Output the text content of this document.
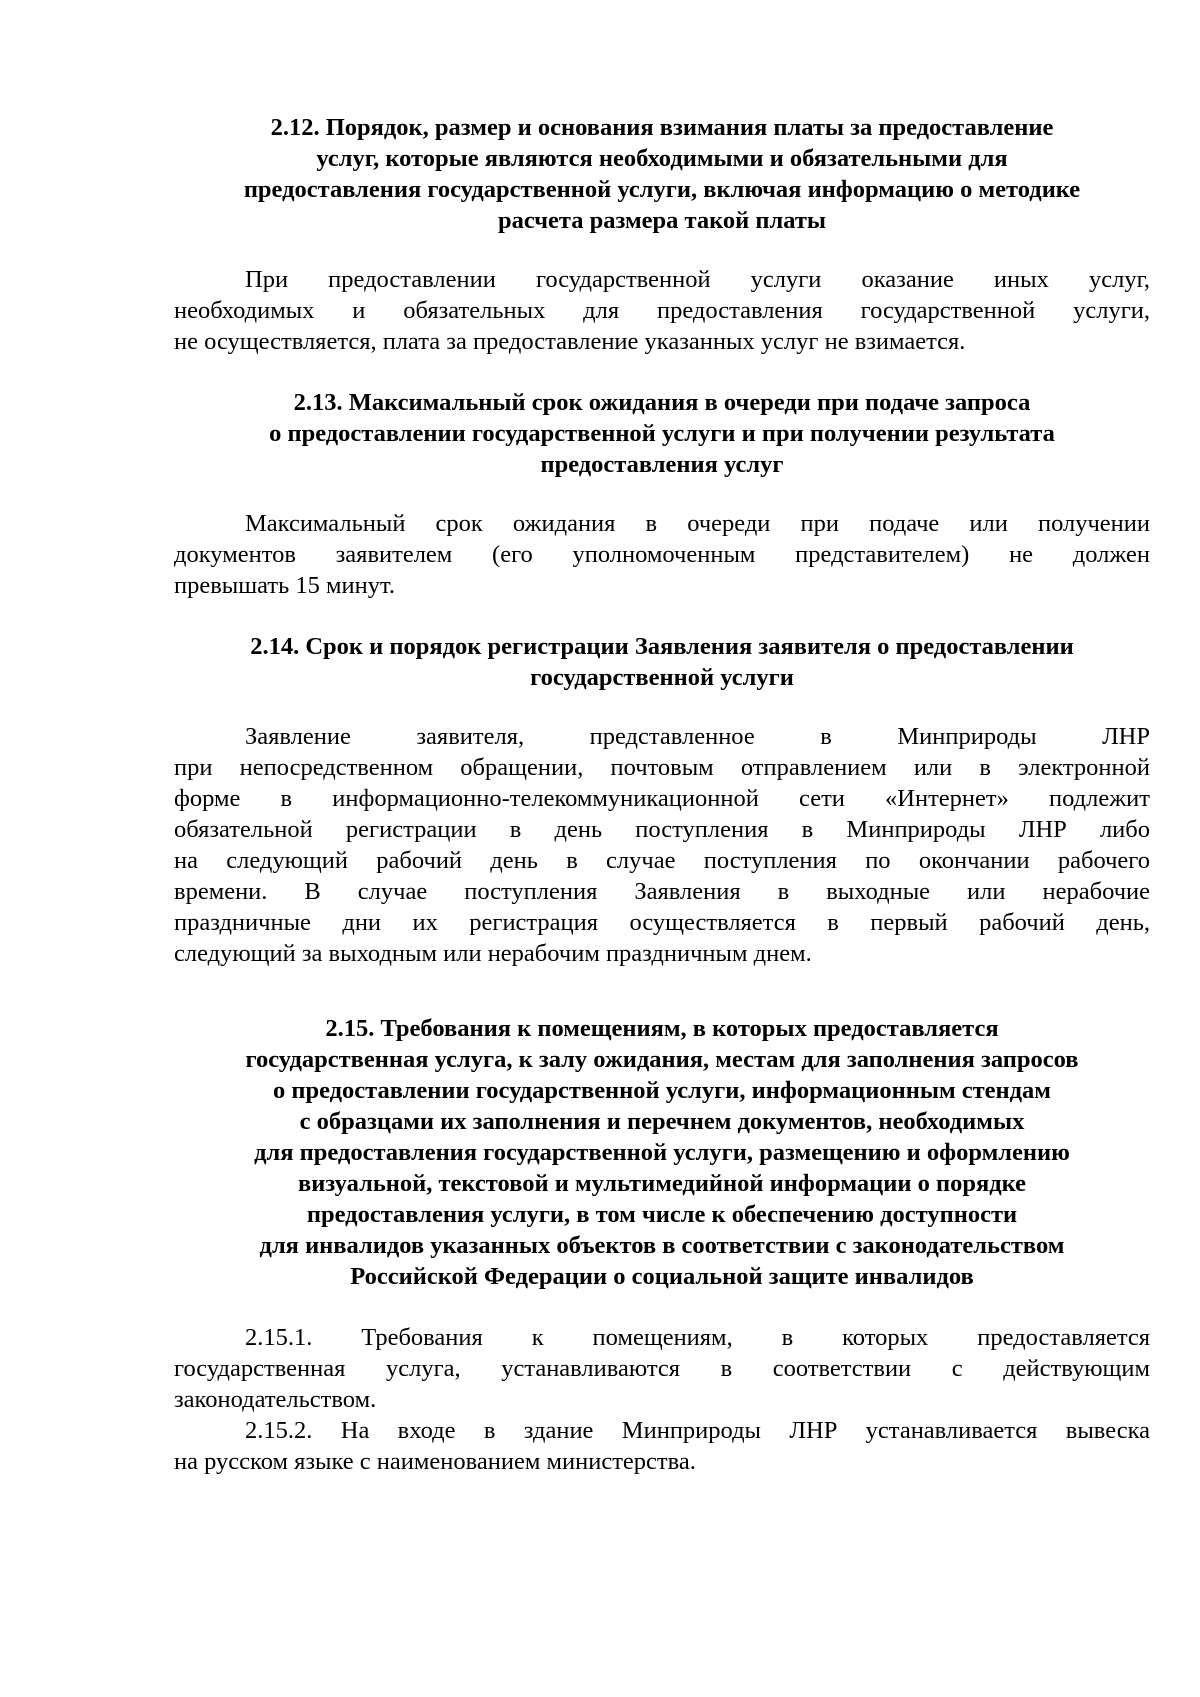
2.12. Порядок, размер и основания взимания платы за предоставление
услуг, которые являются необходимыми и обязательными для
предоставления государственной услуги, включая информацию о методике
расчета размера такой платы
При предоставлении государственной услуги оказание иных услуг,
необходимых и обязательных для предоставления государственной услуги,
не осуществляется, плата за предоставление указанных услуг не взимается.
2.13. Максимальный срок ожидания в очереди при подаче запроса
о предоставлении государственной услуги и при получении результата
предоставления услуг
Максимальный срок ожидания в очереди при подаче или получении
документов заявителем (его уполномоченным представителем) не должен
превышать 15 минут.
2.14. Срок и порядок регистрации Заявления заявителя о предоставлении
государственной услуги
Заявление заявителя, представленное в Минприроды ЛНР
при непосредственном обращении, почтовым отправлением или в электронной
форме в информационно-телекоммуникационной сети «Интернет» подлежит
обязательной регистрации в день поступления в Минприроды ЛНР либо
на следующий рабочий день в случае поступления по окончании рабочего
времени. В случае поступления Заявления в выходные или нерабочие
праздничные дни их регистрация осуществляется в первый рабочий день,
следующий за выходным или нерабочим праздничным днем.
2.15. Требования к помещениям, в которых предоставляется
государственная услуга, к залу ожидания, местам для заполнения запросов
о предоставлении государственной услуги, информационным стендам
с образцами их заполнения и перечнем документов, необходимых
для предоставления государственной услуги, размещению и оформлению
визуальной, текстовой и мультимедийной информации о порядке
предоставления услуги, в том числе к обеспечению доступности
для инвалидов указанных объектов в соответствии с законодательством
Российской Федерации о социальной защите инвалидов
2.15.1. Требования к помещениям, в которых предоставляется
государственная услуга, устанавливаются в соответствии с действующим
законодательством.
2.15.2. На входе в здание Минприроды ЛНР устанавливается вывеска
на русском языке с наименованием министерства.
